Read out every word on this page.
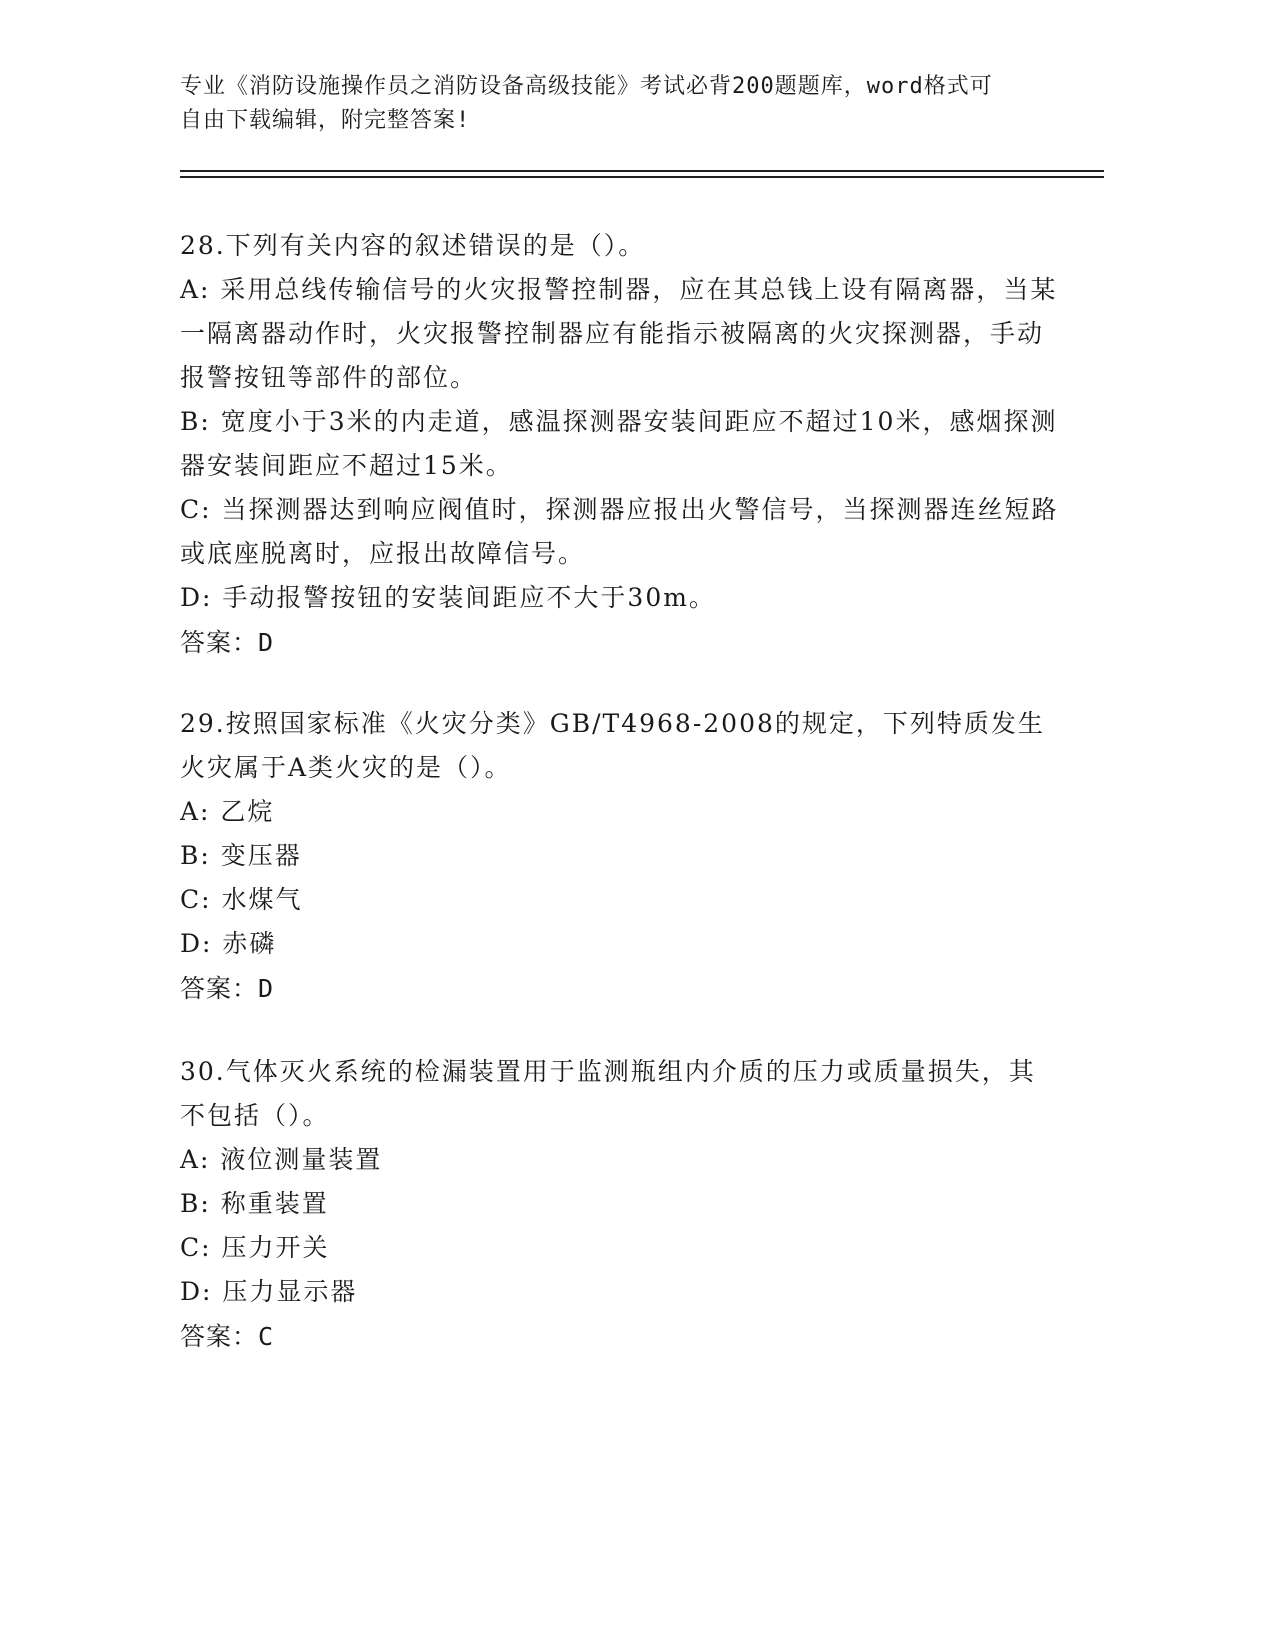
专业《消防设施操作员之消防设备高级技能》考试必背200题题库，word格式可
自由下载编辑，附完整答案!

28.下列有关内容的叙述错误的是（）。

A: 采用总线传输信号的火灾报警控制器，应在其总钱上设有隔离器，当某一隔离器动作时，火灾报警控制器应有能指示被隔离的火灾探测器，手动报警按钮等部件的部位。

B: 宽度小于3米的内走道，感温探测器安装间距应不超过10米，感烟探测器安装间距应不超过15米。

C: 当探测器达到响应阀值时，探测器应报出火警信号，当探测器连丝短路或底座脱离时，应报出故障信号。

D: 手动报警按钮的安装间距应不大于30m。

答案：D

29.按照国家标准《火灾分类》GB/T4968-2008的规定，下列特质发生火灾属于A类火灾的是（）。

A: 乙烷

B: 变压器

C: 水煤气

D: 赤磷

答案：D

30.气体灭火系统的检漏装置用于监测瓶组内介质的压力或质量损失，其不包括（）。

A: 液位测量装置

B: 称重装置

C: 压力开关

D: 压力显示器

答案：C
